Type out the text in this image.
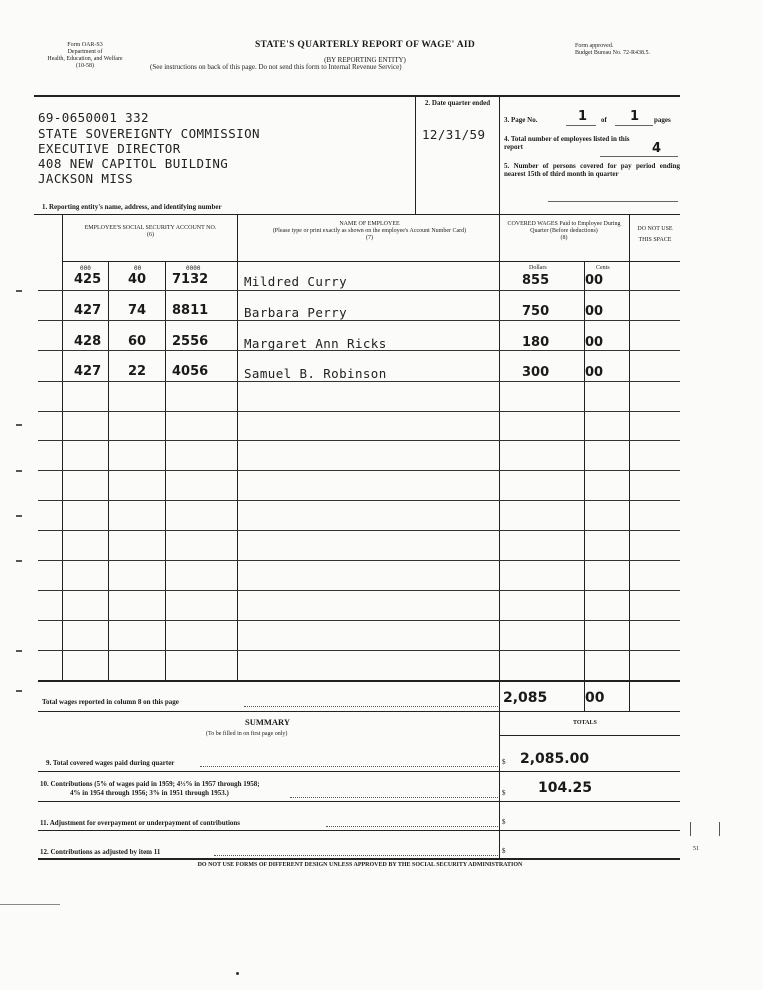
Form OAR-S3
Department of
Health, Education, and Welfare
(10-58)
STATE'S QUARTERLY REPORT OF WAGE' AID
(BY REPORTING ENTITY)
(See instructions on back of this page. Do not send this form to Internal Revenue Service)
Form approved.
Budget Bureau No. 72-R438.5.
69-0650001 332
STATE SOVEREIGNTY COMMISSION
EXECUTIVE DIRECTOR
408 NEW CAPITOL BUILDING
JACKSON MISS
1. Reporting entity's name, address, and identifying number
2. Date quarter ended
12/31/59
3. Page No.	1 of 1 pages
4. Total number of employees listed in this report	4
5. Number of persons covered for pay period ending nearest 15th of third month in quarter
EMPLOYEE'S SOCIAL SECURITY ACCOUNT NO.
(6)
NAME OF EMPLOYEE
(Please type or print exactly as shown on the employee's Account Number Card)
(7)
COVERED WAGES Paid to Employee During Quarter (Before deductions)
(8)
DO NOT USE THIS SPACE
000	00	0000	Dollars	Cents
425 40 7132	Mildred Curry	855	00
427 74 8811	Barbara Perry	750	00
428 60 2556	Margaret Ann Ricks	180	00
427 22 4056	Samuel B. Robinson	300	00
Total wages reported in column 8 on this page	2,085	00
SUMMARY
(To be filled in on first page only)
TOTALS
9. Total covered wages paid during quarter	$ 2,085.00
10. Contributions (5% of wages paid in 1959; 4½% in 1957 through 1958;
4% in 1954 through 1956; 3% in 1951 through 1953.)	$ 104.25
11. Adjustment for overpayment or underpayment of contributions	$
12. Contributions as adjusted by item 11	$
DO NOT USE FORMS OF DIFFERENT DESIGN UNLESS APPROVED BY THE SOCIAL SECURITY ADMINISTRATION
51
